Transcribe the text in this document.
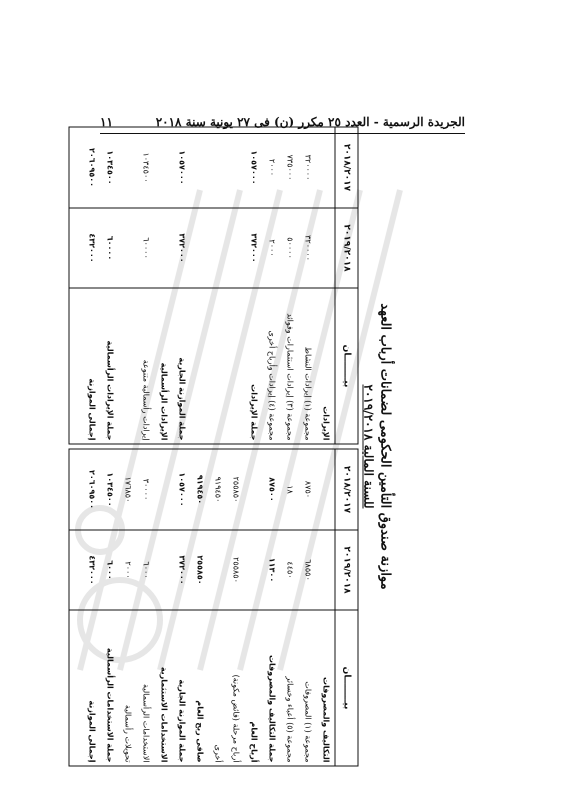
الجريدة الرسمية - العدد ٢٥ مكرر (ن) فى ٢٧ يونية سنة ٢٠١٨
١١
موازنة صندوق التأمين الحكومى لضمانات أرباب العهد
للسنة المالية ٢٠١٩/٢٠١٨
بيــــــــان
٢٠١٩/٢٠١٨
٢٠١٨/٢٠١٧
التكاليف والمصروفات
مجموعة (١) المصروفات
٦٨٥٥٠
٨٧٥٠
مجموعة (٥) أعباء وخسائر
٤٤٥٠
١٨
جملة التكاليف والمصروفات
١١٣٠٠
٨٧٥٠٠
أرباح العام
أرباح مرحلة (فائض مكونة)
٢٥٥٨٥٠
٢٥٥٨٥٠
أخرى
٩١٩٤٥٠
صافى ربح العام
٢٥٥٨٥٠
٩١٩٤٥٠
جملة الموازنة الجارية
٣٧٢٠٠٠
١٠٥٧٠٠٠
الاستخدامات الاستثمارية
الاستخدامات الرأسمالية
٦٠٠٠
٣٠٠٠٠
تحويلات رأسمالية
٢٠٠٠
١٧٦٨٥٠
جملة الاستخدامات الرأسمالية
٦٠٠٠
١٠٣٤٥٠٠
إجمالى الموازنة
٤٣٢٠٠٠
٢٠٦٠٩٥٠٠
بيــــــــان
٢٠١٩/٢٠١٨
٢٠١٨/٢٠١٧
الإيرادات
مجموعة (١) إيرادات النشاط
٣٢٠٠٠٠
٣٢٠٠٠٠
مجموعة (٣) إيرادات استثمارات وفوائد
٥٠٠٠٠
٧٣٥٠٠٠
مجموعة (٤) إيرادات وأرباح أخرى
٢٠٠٠
٢٠٠٠
جملة الإيرادات
٣٧٢٠٠٠
١٠٥٧٠٠٠
جملة الموازنة الجارية
٣٧٢٠٠٠
١٠٥٧٠٠٠
الإيرادات الرأسمالية
إيرادات رأسمالية متنوعة
٦٠٠٠٠
١٠٣٤٥٠٠
جملة الإيرادات الرأسمالية
٦٠٠٠٠
١٠٣٤٥٠٠
إجمالى الموازنة
٤٣٢٠٠٠
٢٠٦٠٩٥٠٠
